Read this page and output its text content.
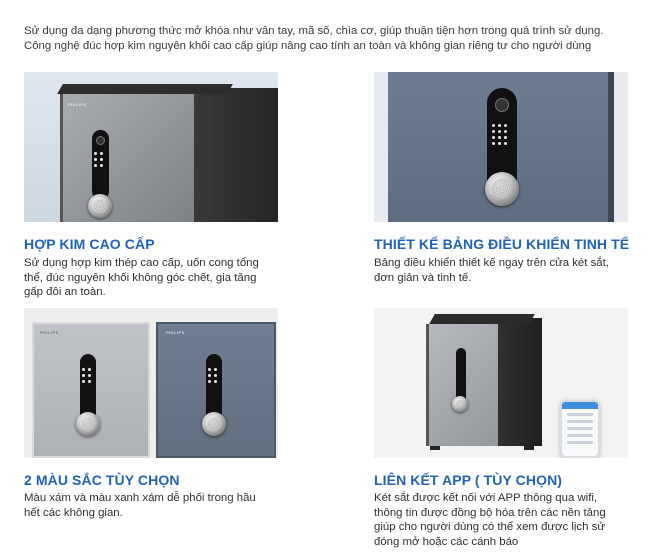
Sử dụng đa dạng phương thức mở khóa như vân tay, mã số, chìa cơ, giúp thuận tiện hơn trong quá trình sử dụng.

Công nghệ đúc hợp kim nguyên khối cao cấp giúp nâng cao tính an toàn và không gian riêng tư cho người dùng

PHILIPS
PHILIPS	PHILIPS
HỢP KIM CAO CẤP
Sử dụng hợp kim thép cao cấp, uốn cong tổng
thể, đúc nguyên khối không góc chết, gia tăng
gấp đôi an toàn.
THIẾT KẾ BẢNG ĐIỀU KHIỂN TINH TẾ
Bảng điều khiển thiết kế ngay trên cửa két sắt,
đơn giản và tinh tế.
2 MÀU SẮC TÙY CHỌN
Màu xám và màu xanh xám dễ phối trong hầu
hết các không gian.
LIÊN KẾT APP ( TÙY CHỌN)
Két sắt được kết nối với APP thông qua wifi,
thông tin được đồng bộ hóa trên các nền tảng
giúp cho người dùng có thể xem được lịch sử
đóng mở hoặc các cánh báo
